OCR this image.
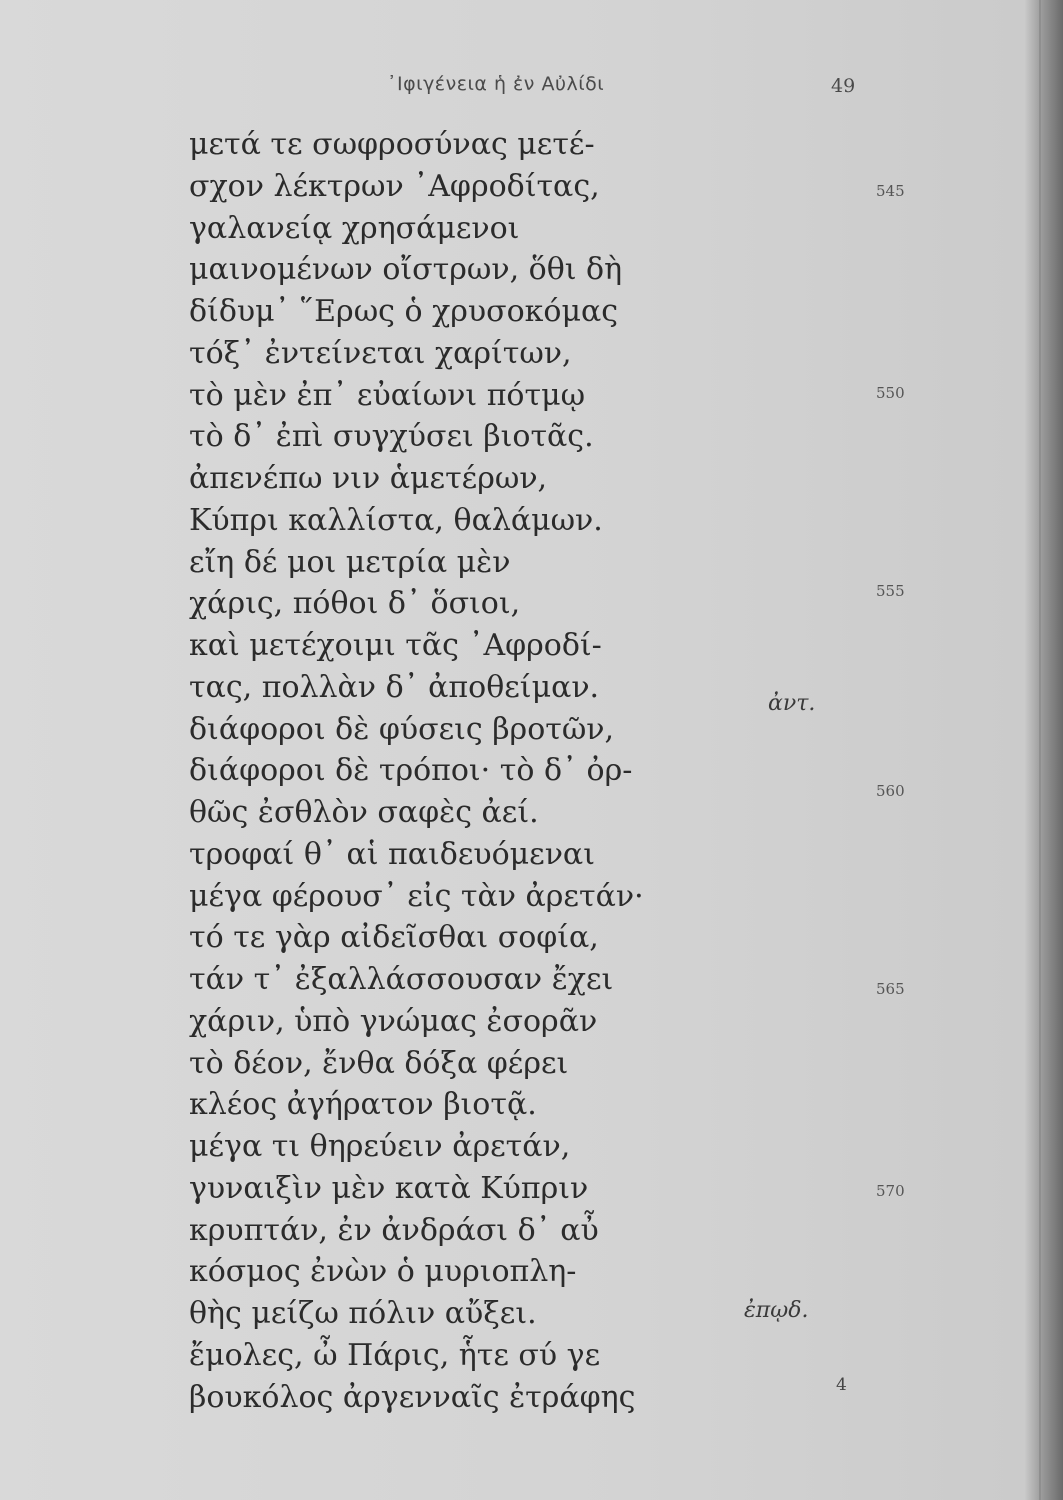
᾿Ιφιγένεια ἡ ἐν Αὐλίδι	49
μετά τε σωφροσύνας μετέ-
σχον λέκτρων ᾿Αφροδίτας,
γαλανείᾳ χρησάμενοι
μαινομένων οἴστρων, ὅθι δὴ
δίδυμ᾿ ῞Ερως ὁ χρυσοκόμας
τόξ᾿ ἐντείνεται χαρίτων,
τὸ μὲν ἐπ᾿ εὐαίωνι πότμῳ
τὸ δ᾿ ἐπὶ συγχύσει βιοτᾶς.
ἀπενέπω νιν ἁμετέρων,
Κύπρι καλλίστα, θαλάμων.
εἴη δέ μοι μετρία μὲν
χάρις, πόθοι δ᾿ ὅσιοι,
καὶ μετέχοιμι τᾶς ᾿Αφροδί-
τας, πολλὰν δ᾿ ἀποθείμαν.
διάφοροι δὲ φύσεις βροτῶν,
διάφοροι δὲ τρόποι· τὸ δ᾿ ὀρ-
θῶς ἐσθλὸν σαφὲς ἀεί.
τροφαί θ᾿ αἱ παιδευόμεναι
μέγα φέρουσ᾿ εἰς τὰν ἀρετάν·
τό τε γὰρ αἰδεῖσθαι σοφία,
τάν τ᾿ ἐξαλλάσσουσαν ἔχει
χάριν, ὑπὸ γνώμας ἐσορᾶν
τὸ δέον, ἔνθα δόξα φέρει
κλέος ἀγήρατον βιοτᾷ.
μέγα τι θηρεύειν ἀρετάν,
γυναιξὶν μὲν κατὰ Κύπριν
κρυπτάν, ἐν ἀνδράσι δ᾿ αὖ
κόσμος ἐνὼν ὁ μυριοπλη-
θὴς μείζω πόλιν αὔξει.
ἔμολες, ὦ Πάρις, ἧτε σύ γε
βουκόλος ἀργενναῖς ἐτράφης
545
550
555
560
565
570
ἀντ.
ἐπῳδ.
4
